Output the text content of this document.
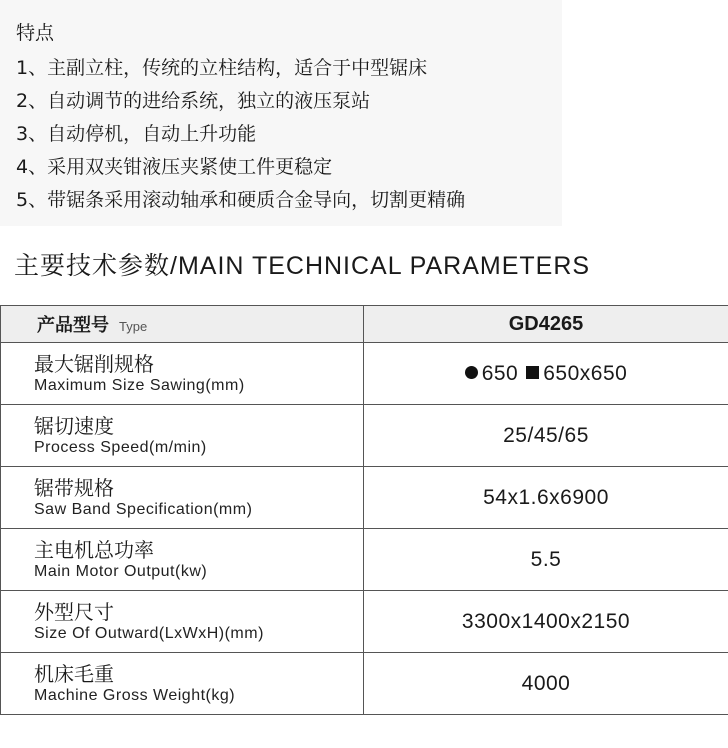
特点
1、主副立柱，传统的立柱结构，适合于中型锯床
2、自动调节的进给系统，独立的液压泵站
3、自动停机，自动上升功能
4、采用双夹钳液压夹紧使工件更稳定
5、带锯条采用滚动轴承和硬质合金导向，切割更精确
主要技术参数/MAIN TECHNICAL PARAMETERS
产品型号 Type	GD4265

最大锯削规格
Maximum Size Sawing(mm)	650 650x650

锯切速度
Process Speed(m/min)	25/45/65

锯带规格
Saw Band Specification(mm)	54x1.6x6900

主电机总功率
Main Motor Output(kw)	5.5

外型尺寸
Size Of Outward(LxWxH)(mm)	3300x1400x2150

机床毛重
Machine Gross Weight(kg)	4000
